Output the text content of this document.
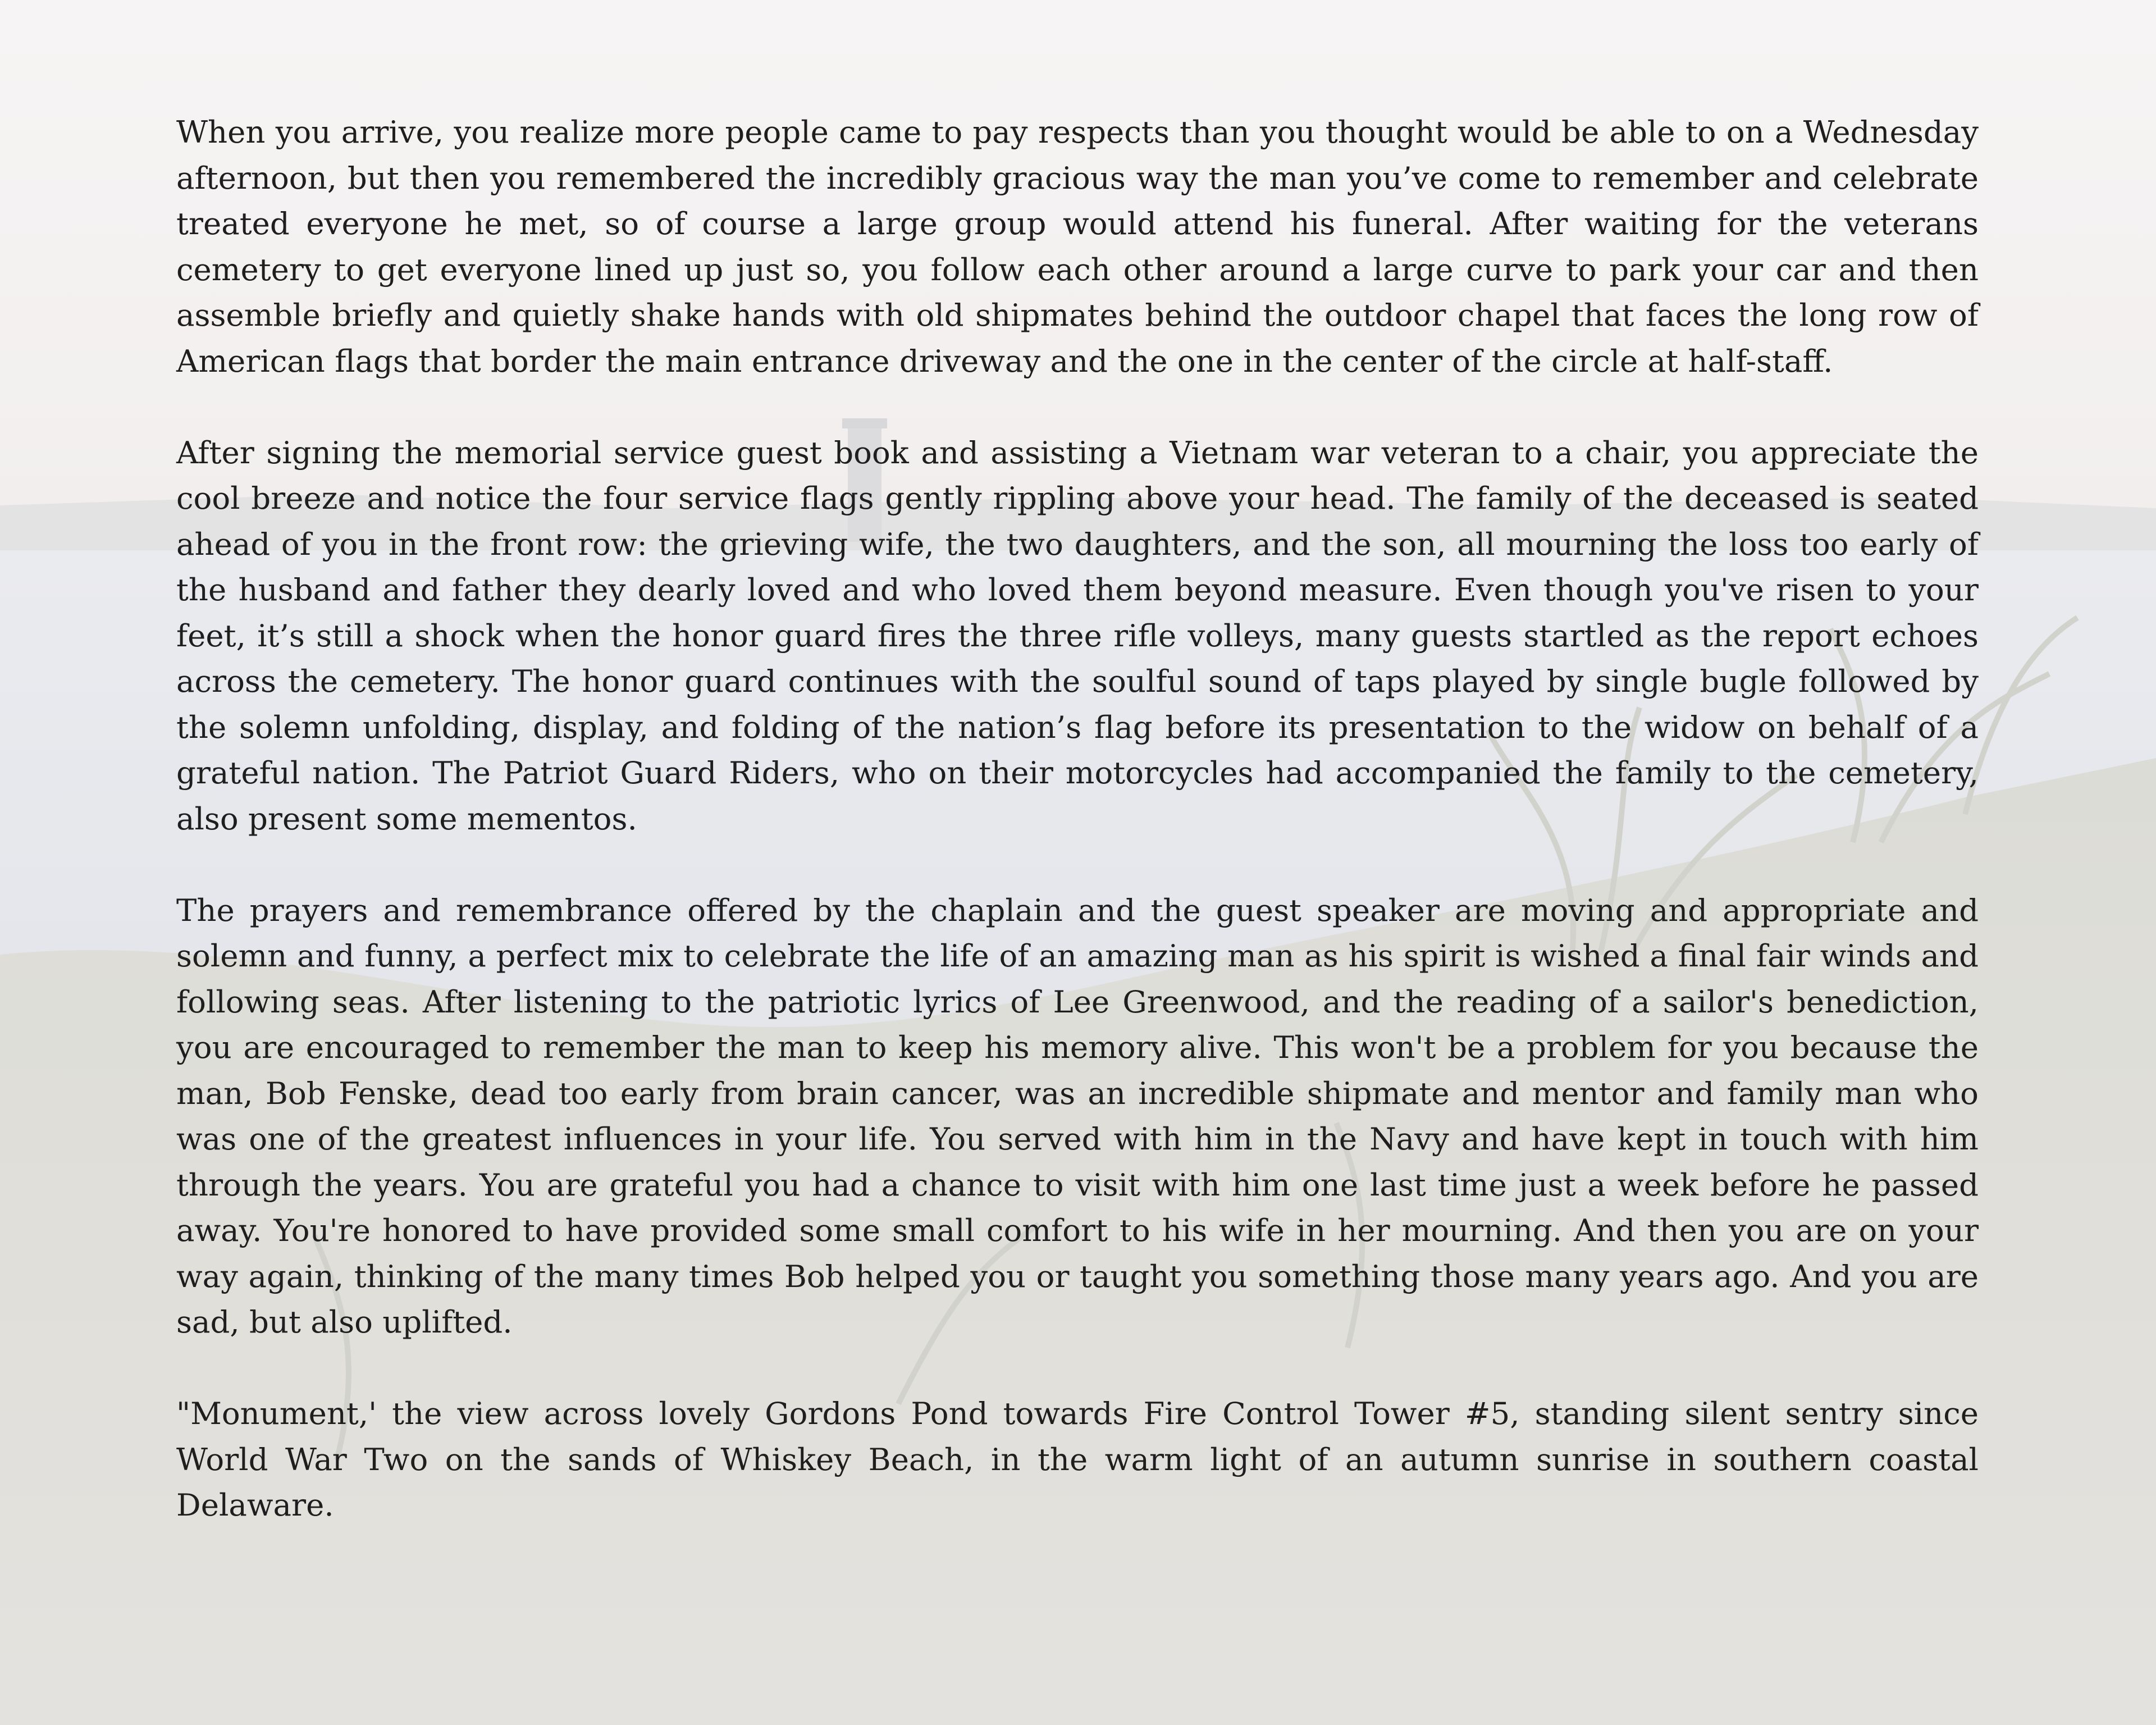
When you arrive, you realize more people came to pay respects than you thought would be able to on a Wednesday afternoon, but then you remembered the incredibly gracious way the man you’ve come to remember and celebrate treated everyone he met, so of course a large group would attend his funeral. After waiting for the veterans cemetery to get everyone lined up just so, you follow each other around a large curve to park your car and then assemble briefly and quietly shake hands with old shipmates behind the outdoor chapel that faces the long row of American flags that border the main entrance driveway and the one in the center of the circle at half-staff.

After signing the memorial service guest book and assisting a Vietnam war veteran to a chair, you appreciate the cool breeze and notice the four service flags gently rippling above your head. The family of the deceased is seated ahead of you in the front row: the grieving wife, the two daughters, and the son, all mourning the loss too early of the husband and father they dearly loved and who loved them beyond measure. Even though you've risen to your feet, it’s still a shock when the honor guard fires the three rifle volleys, many guests startled as the report echoes across the cemetery. The honor guard continues with the soulful sound of taps played by single bugle followed by the solemn unfolding, display, and folding of the nation’s flag before its presentation to the widow on behalf of a grateful nation. The Patriot Guard Riders, who on their motorcycles had accompanied the family to the cemetery, also present some mementos.

The prayers and remembrance offered by the chaplain and the guest speaker are moving and appropriate and solemn and funny, a perfect mix to celebrate the life of an amazing man as his spirit is wished a final fair winds and following seas. After listening to the patriotic lyrics of Lee Greenwood, and the reading of a sailor's benediction, you are encouraged to remember the man to keep his memory alive. This won't be a problem for you because the man, Bob Fenske, dead too early from brain cancer, was an incredible shipmate and mentor and family man who was one of the greatest influences in your life. You served with him in the Navy and have kept in touch with him through the years. You are grateful you had a chance to visit with him one last time just a week before he passed away. You're honored to have provided some small comfort to his wife in her mourning. And then you are on your way again, thinking of the many times Bob helped you or taught you something those many years ago. And you are sad, but also uplifted.

"Monument,' the view across lovely Gordons Pond towards Fire Control Tower #5, standing silent sentry since World War Two on the sands of Whiskey Beach, in the warm light of an autumn sunrise in southern coastal Delaware.
